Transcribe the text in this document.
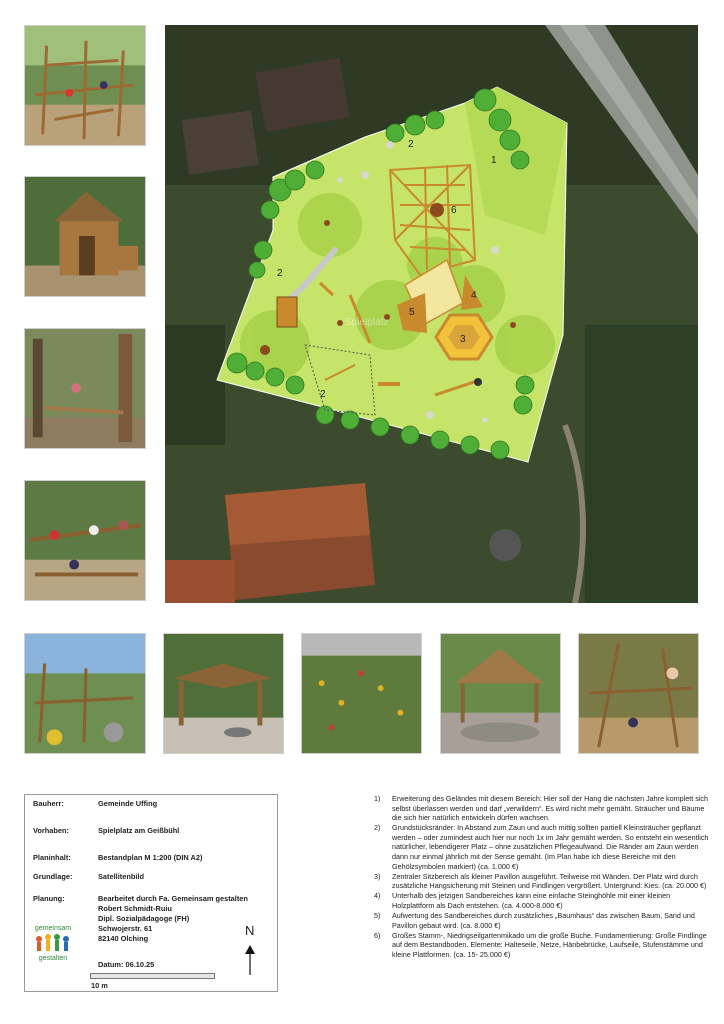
1
2
2
3
4
5
6
2
Spielplatz
Bauherr:	Gemeinde Uffing
Vorhaben:	Spielplatz am Geißbühl
Planinhalt:	Bestandplan M 1:200 (DIN A2)
Grundlage:	Satellitenbild
Planung:	Bearbeitet durch Fa. Gemeinsam gestalten
Robert Schmidt-Ruiu
Dipl. Sozialpädagoge (FH)
Schwojerstr. 61
82140 Olching
gemeinsam
gestalten
Datum: 06.10.25
N
10 m
1) Erweiterung des Geländes mit diesem Bereich: Hier soll der Hang die nächsten Jahre komplett sich selbst überlassen werden und darf „verwildern“. Es wird nicht mehr gemäht. Sträucher und Bäume die sich hier natürlich entwickeln dürfen wachsen.
2) Grundstücksränder: In Abstand zum Zaun und auch mittig sollten partiell Kleinsträucher gepflanzt werden – oder zumindest auch hier nur noch 1x im Jahr gemäht werden. So entsteht ein wesentlich natürlicher, lebendigerer Platz – ohne zusätzlichen Pflegeaufwand. Die Ränder am Zaun werden dann nur einmal jährlich mit der Sense gemäht. (Im Plan habe ich diese Bereiche mit den Gehölzsymbolen markiert) (ca. 1.000 €)
3) Zentraler Sitzbereich als kleiner Pavillon ausgeführt. Teilweise mit Wänden. Der Platz wird durch zusätzliche Hangsicherung mit Steinen und Findlingen vergrößert. Untergrund: Kies. (ca. 20.000 €)
4) Unterhalb des jetzigen Sandbereiches kann eine einfache Steinghöhle mit einer kleinen Holzplattform als Dach entstehen. (ca. 4.000-8.000 €)
5) Aufwertung des Sandbereiches durch zusätzliches „Baumhaus“ das zwischen Baum, Sand und Pavillon gebaut wird. (ca. 8.000 €)
6) Großes Stamm-, Niedrigseilgartenmikado um die große Buche. Fundamentierung: Große Findlinge auf dem Bestandboden. Elemente: Halteseile, Netze, Hänbebrücke, Laufseile, Stufenstämme und kleine Plattformen. (ca. 15- 25.000 €)
